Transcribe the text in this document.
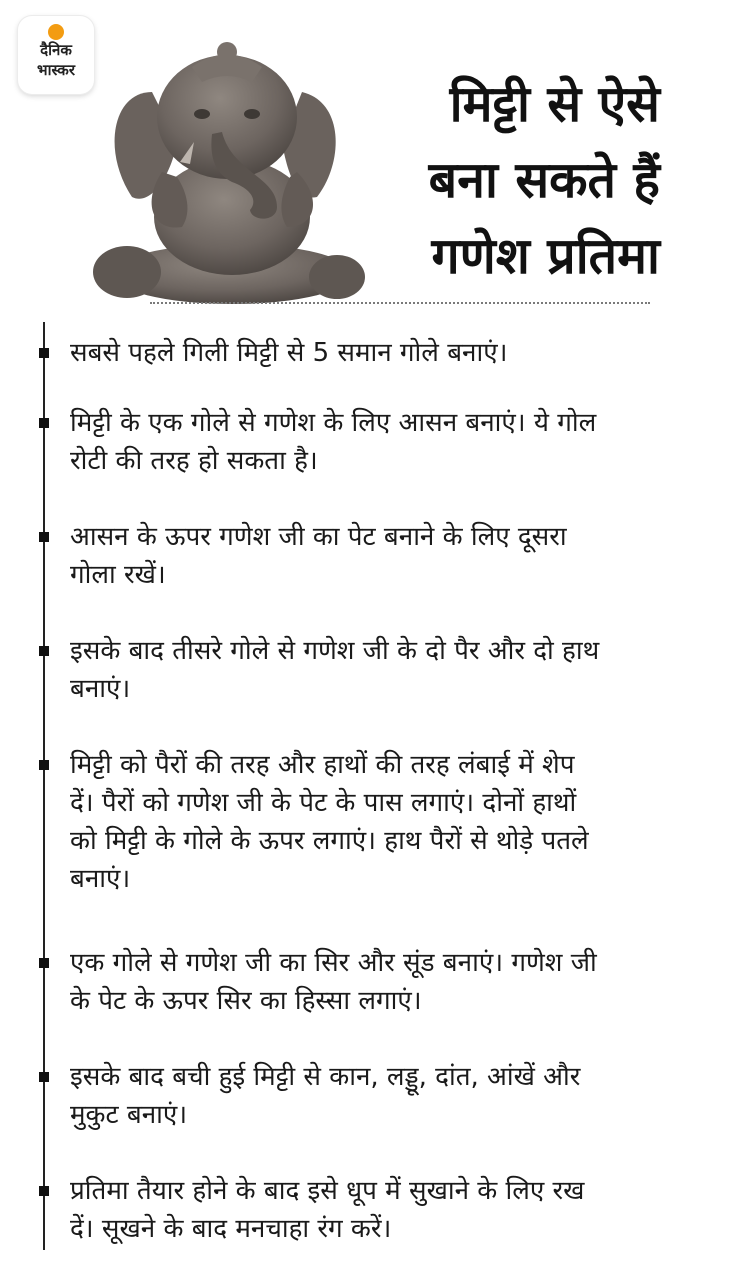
दैनिक
भास्कर
मिट्टी से ऐसे
बना सकते हैं
गणेश प्रतिमा
सबसे पहले गिली मिट्टी से 5 समान गोले बनाएं।
मिट्टी के एक गोले से गणेश के लिए आसन बनाएं। ये गोल
रोटी की तरह हो सकता है।
आसन के ऊपर गणेश जी का पेट बनाने के लिए दूसरा
गोला रखें।
इसके बाद तीसरे गोले से गणेश जी के दो पैर और दो हाथ
बनाएं।
मिट्टी को पैरों की तरह और हाथों की तरह लंबाई में शेप
दें। पैरों को गणेश जी के पेट के पास लगाएं। दोनों हाथों
को मिट्टी के गोले के ऊपर लगाएं। हाथ पैरों से थोड़े पतले
बनाएं।
एक गोले से गणेश जी का सिर और सूंड बनाएं। गणेश जी
के पेट के ऊपर सिर का हिस्सा लगाएं।
इसके बाद बची हुई मिट्टी से कान, लड्डू, दांत, आंखें और
मुकुट बनाएं।
प्रतिमा तैयार होने के बाद इसे धूप में सुखाने के लिए रख
दें। सूखने के बाद मनचाहा रंग करें।
